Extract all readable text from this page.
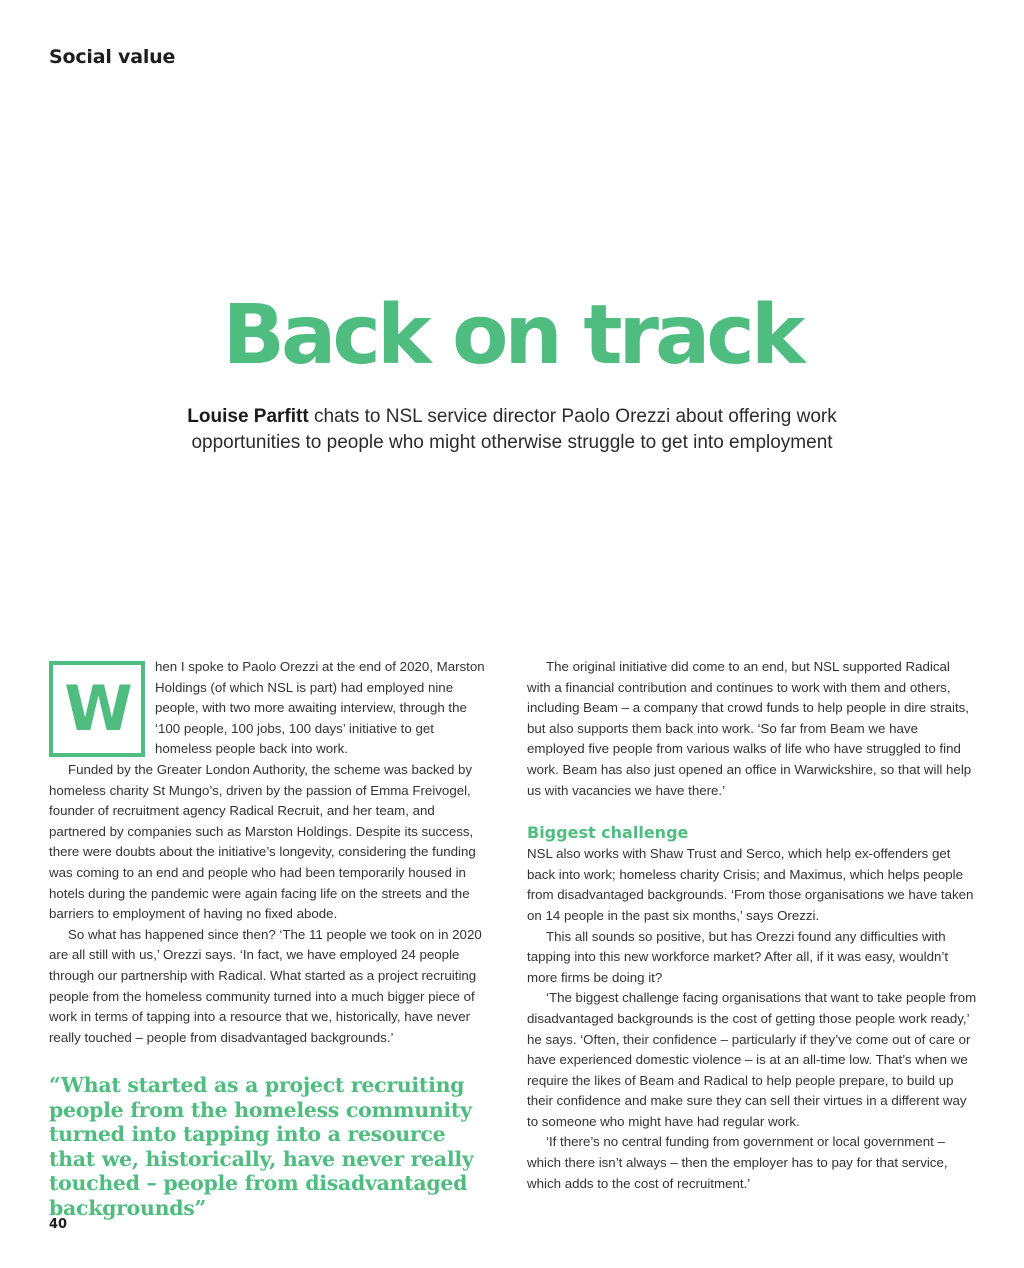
Social value
Back on track
Louise Parfitt chats to NSL service director Paolo Orezzi about offering work
opportunities to people who might otherwise struggle to get into employment
W

hen I spoke to Paolo Orezzi at the end of 2020, Marston Holdings (of which NSL is part) had employed nine people, with two more awaiting interview, through the ‘100 people, 100 jobs, 100 days’ initiative to get homeless people back into work.

Funded by the Greater London Authority, the scheme was backed by homeless charity St Mungo’s, driven by the passion of Emma Freivogel, founder of recruitment agency Radical Recruit, and her team, and partnered by companies such as Marston Holdings. Despite its success, there were doubts about the initiative’s longevity, considering the funding was coming to an end and people who had been temporarily housed in hotels during the pandemic were again facing life on the streets and the barriers to employment of having no fixed abode.

So what has happened since then? ‘The 11 people we took on in 2020 are all still with us,’ Orezzi says. ‘In fact, we have employed 24 people through our partnership with Radical. What started as a project recruiting people from the homeless community turned into a much bigger piece of work in terms of tapping into a resource that we, historically, have never really touched – people from disadvantaged backgrounds.’

“What started as a project recruiting people from the homeless community turned into tapping into a resource that we, historically, have never really touched – people from disadvantaged backgrounds”

The original initiative did come to an end, but NSL supported Radical with a financial contribution and continues to work with them and others, including Beam – a company that crowd funds to help people in dire straits, but also supports them back into work. ‘So far from Beam we have employed five people from various walks of life who have struggled to find work. Beam has also just opened an office in Warwickshire, so that will help us with vacancies we have there.’

Biggest challenge

NSL also works with Shaw Trust and Serco, which help ex-offenders get back into work; homeless charity Crisis; and Maximus, which helps people from disadvantaged backgrounds. ‘From those organisations we have taken on 14 people in the past six months,’ says Orezzi.

This all sounds so positive, but has Orezzi found any difficulties with tapping into this new workforce market? After all, if it was easy, wouldn’t more firms be doing it?

‘The biggest challenge facing organisations that want to take people from disadvantaged backgrounds is the cost of getting those people work ready,’ he says. ‘Often, their confidence – particularly if they’ve come out of care or have experienced domestic violence – is at an all-time low. That’s when we require the likes of Beam and Radical to help people prepare, to build up their confidence and make sure they can sell their virtues in a different way to someone who might have had regular work.

‘If there’s no central funding from government or local government – which there isn’t always – then the employer has to pay for that service, which adds to the cost of recruitment.’

40
